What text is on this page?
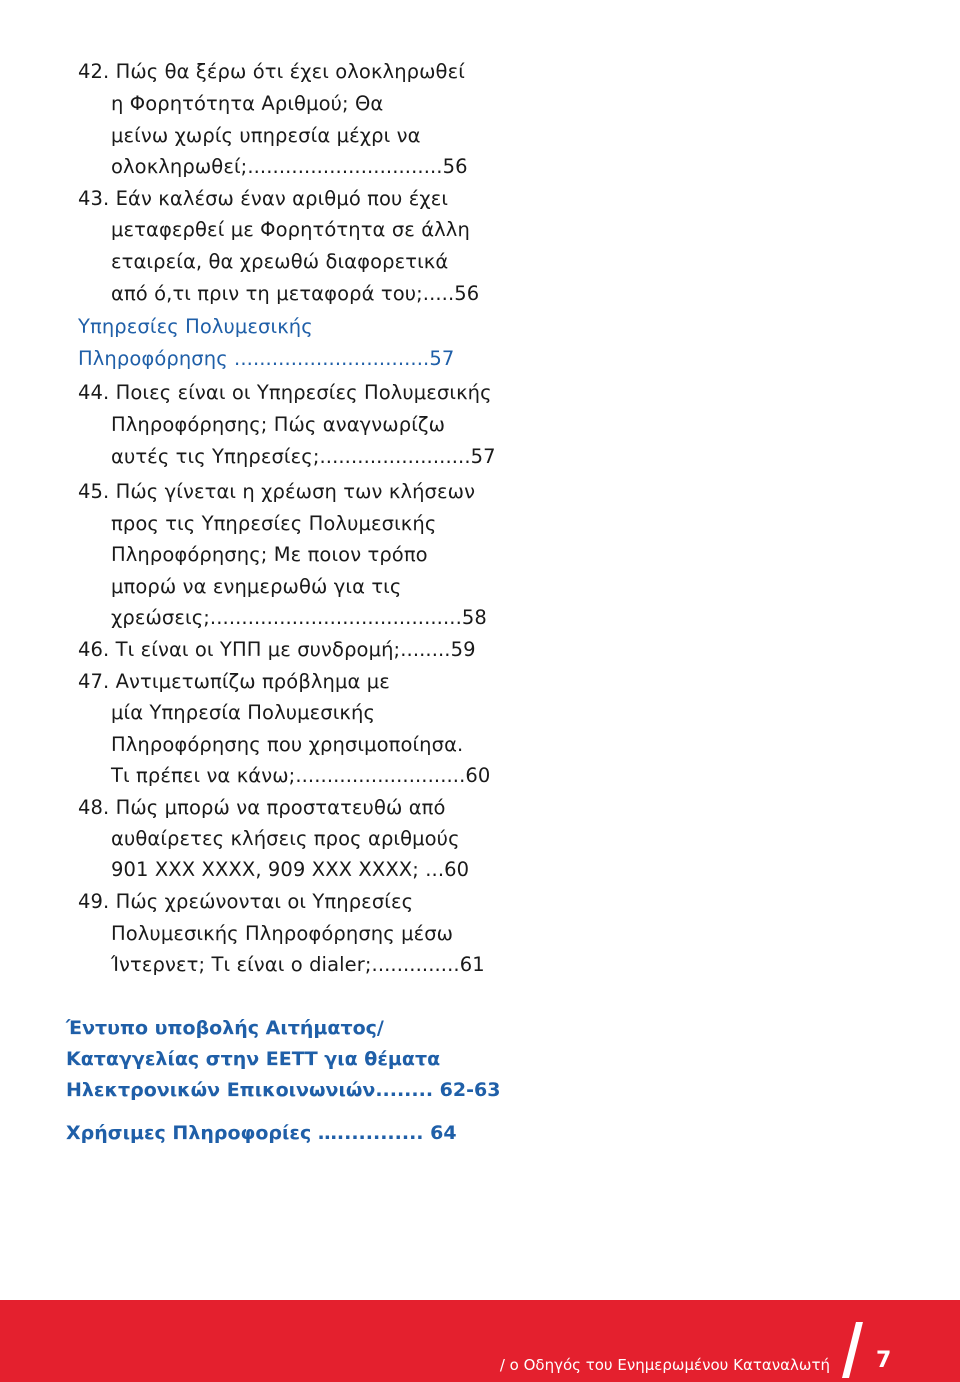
42. Πώς θα ξέρω ότι έχει ολοκληρωθεί
η Φορητότητα Αριθμού; Θα
μείνω χωρίς υπηρεσία μέχρι να
ολοκληρωθεί;...............................56
43. Εάν καλέσω έναν αριθμό που έχει
μεταφερθεί με Φορητότητα σε άλλη
εταιρεία, θα χρεωθώ διαφορετικά
από ό,τι πριν τη μεταφορά του;.....56
Υπηρεσίες Πολυμεσικής
Πληροφόρησης ...............................57
44. Ποιες είναι οι Υπηρεσίες Πολυμεσικής
Πληροφόρησης; Πώς αναγνωρίζω
αυτές τις Υπηρεσίες;........................57
45. Πώς γίνεται η χρέωση των κλήσεων
προς τις Υπηρεσίες Πολυμεσικής
Πληροφόρησης; Με ποιον τρόπο
μπορώ να ενημερωθώ για τις
χρεώσεις;........................................58
46. Τι είναι οι ΥΠΠ με συνδρομή;........59
47. Αντιμετωπίζω πρόβλημα με
μία Υπηρεσία Πολυμεσικής
Πληροφόρησης που χρησιμοποίησα.
Τι πρέπει να κάνω;...........................60
48. Πώς μπορώ να προστατευθώ από
αυθαίρετες κλήσεις προς αριθμούς
901 ΧΧΧ ΧΧΧΧ, 909 ΧΧΧ ΧΧΧΧ; ...60
49. Πώς χρεώνονται οι Υπηρεσίες
Πολυμεσικής Πληροφόρησης μέσω
Ίντερνετ; Τι είναι ο dialer;..............61
Έντυπο υποβολής Αιτήματος/
Καταγγελίας στην ΕΕΤΤ για θέματα
Ηλεκτρονικών Επικοινωνιών........ 62-63
Χρήσιμες Πληροφορίες …............ 64
/ ο Οδηγός του Ενημερωμένου Καταναλωτή 7
